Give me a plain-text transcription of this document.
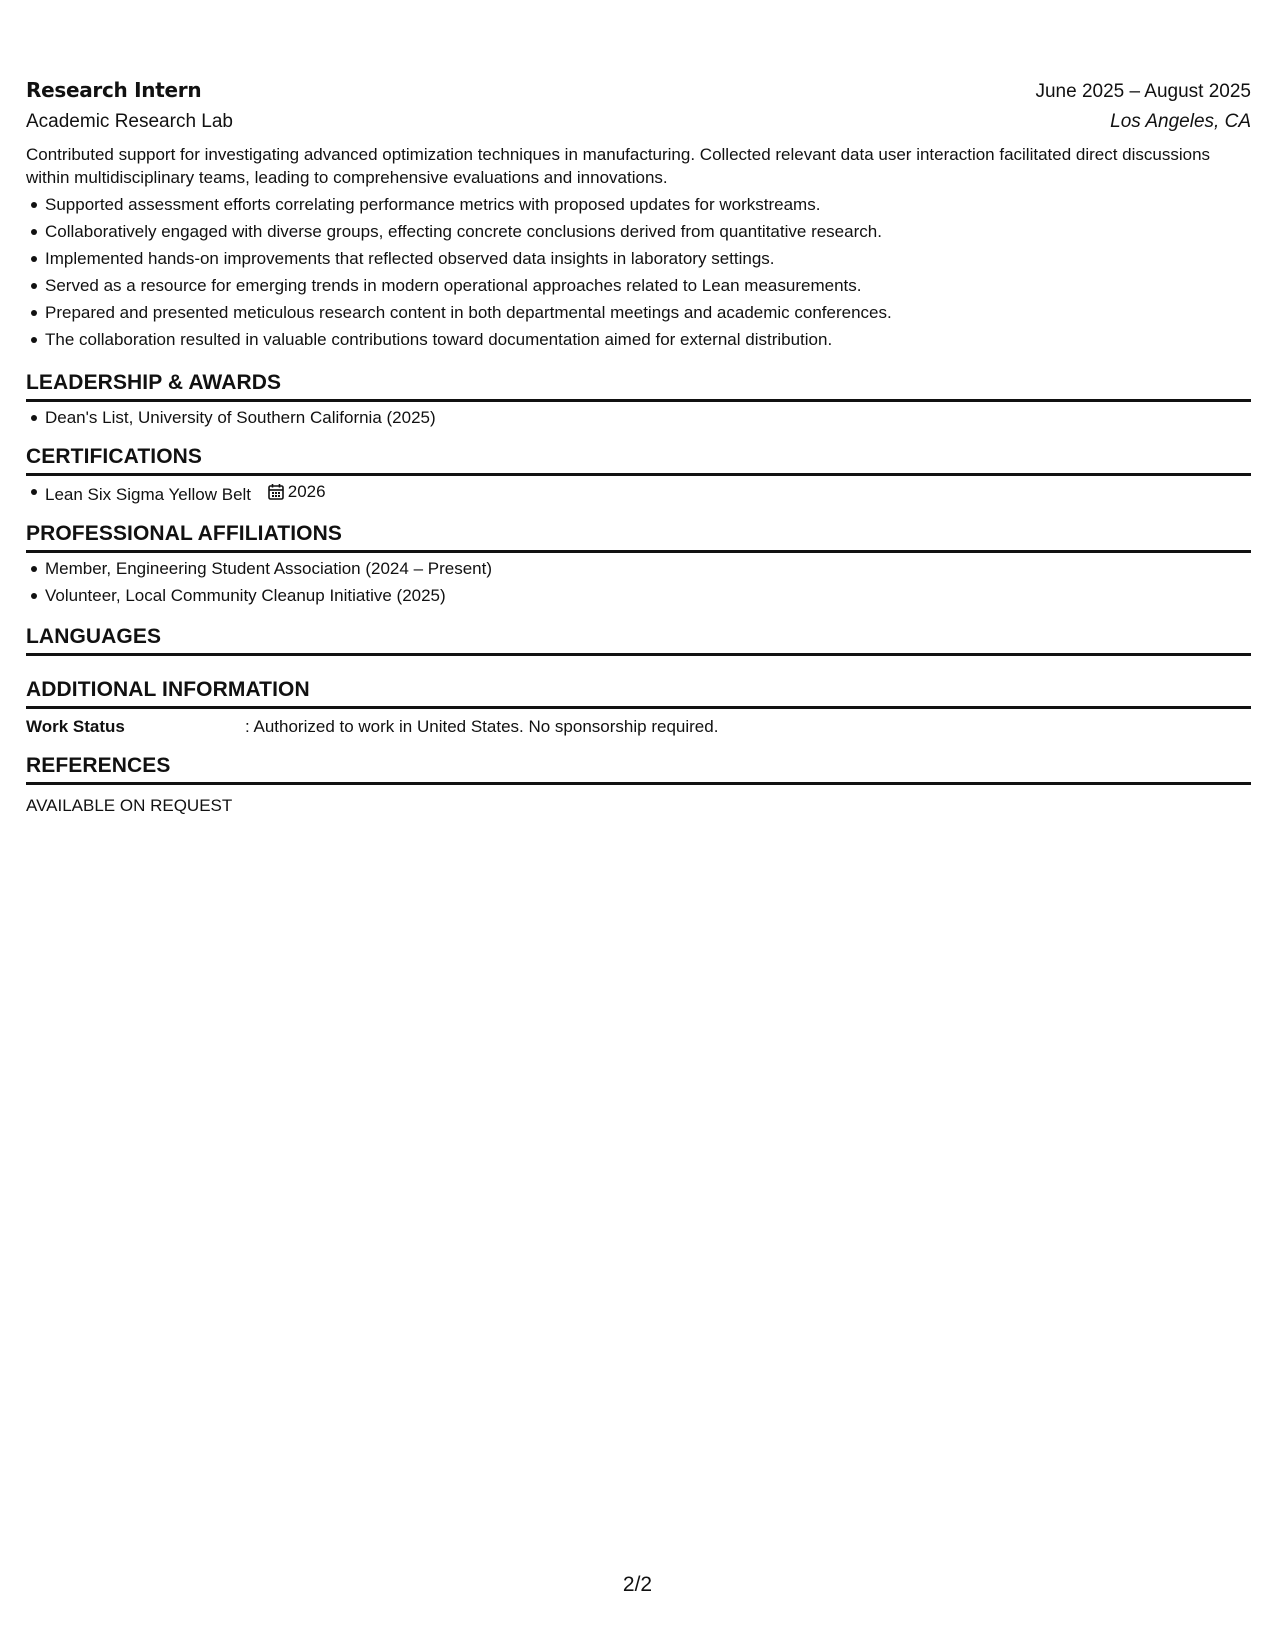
Research Intern	June 2025 – August 2025
Academic Research Lab	Los Angeles, CA
Contributed support for investigating advanced optimization techniques in manufacturing. Collected relevant data user interaction facilitated direct discussions within multidisciplinary teams, leading to comprehensive evaluations and innovations.
Supported assessment efforts correlating performance metrics with proposed updates for workstreams.
Collaboratively engaged with diverse groups, effecting concrete conclusions derived from quantitative research.
Implemented hands-on improvements that reflected observed data insights in laboratory settings.
Served as a resource for emerging trends in modern operational approaches related to Lean measurements.
Prepared and presented meticulous research content in both departmental meetings and academic conferences.
The collaboration resulted in valuable contributions toward documentation aimed for external distribution.
LEADERSHIP & AWARDS
Dean's List, University of Southern California (2025)
CERTIFICATIONS
Lean Six Sigma Yellow Belt 2026
PROFESSIONAL AFFILIATIONS
Member, Engineering Student Association (2024 – Present)
Volunteer, Local Community Cleanup Initiative (2025)
LANGUAGES
ADDITIONAL INFORMATION
Work Status	: Authorized to work in United States. No sponsorship required.
REFERENCES
AVAILABLE ON REQUEST
2/2
